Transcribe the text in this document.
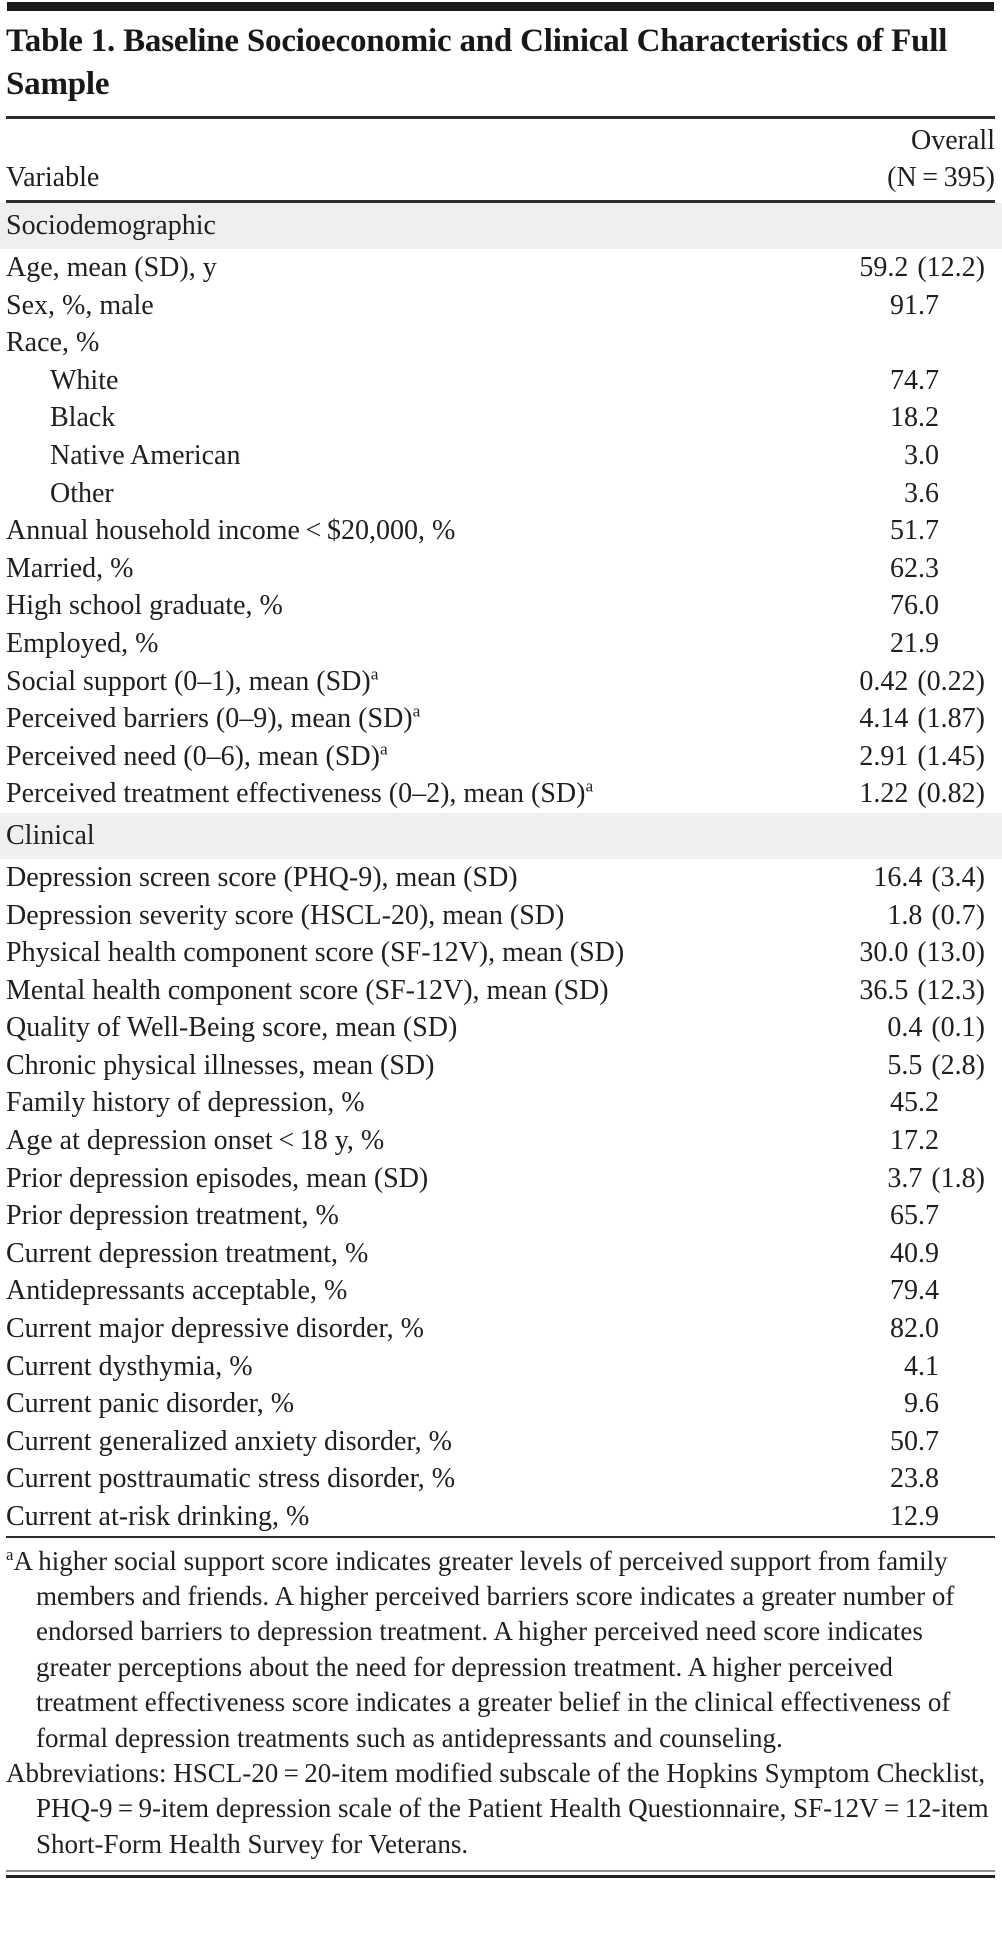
Table 1. Baseline Socioeconomic and Clinical Characteristics of Full Sample
Variable
Overall
(N = 395)
Sociodemographic
Age, mean (SD), y	59.2 (12.2)
Sex, %, male	91.7
Race, %
White	74.7
Black	18.2
Native American	3.0
Other	3.6
Annual household income < $20,000, %	51.7
Married, %	62.3
High school graduate, %	76.0
Employed, %	21.9
Social support (0–1), mean (SD)$^a$	0.42 (0.22)
Perceived barriers (0–9), mean (SD)$^a$	4.14 (1.87)
Perceived need (0–6), mean (SD)$^a$	2.91 (1.45)
Perceived treatment effectiveness (0–2), mean (SD)$^a$	1.22 (0.82)
Clinical
Depression screen score (PHQ-9), mean (SD)	16.4 (3.4)
Depression severity score (HSCL-20), mean (SD)	1.8 (0.7)
Physical health component score (SF-12V), mean (SD)	30.0 (13.0)
Mental health component score (SF-12V), mean (SD)	36.5 (12.3)
Quality of Well-Being score, mean (SD)	0.4 (0.1)
Chronic physical illnesses, mean (SD)	5.5 (2.8)
Family history of depression, %	45.2
Age at depression onset < 18 y, %	17.2
Prior depression episodes, mean (SD)	3.7 (1.8)
Prior depression treatment, %	65.7
Current depression treatment, %	40.9
Antidepressants acceptable, %	79.4
Current major depressive disorder, %	82.0
Current dysthymia, %	4.1
Current panic disorder, %	9.6
Current generalized anxiety disorder, %	50.7
Current posttraumatic stress disorder, %	23.8
Current at-risk drinking, %	12.9
$^a$A higher social support score indicates greater levels of perceived support from family members and friends. A higher perceived barriers score indicates a greater number of endorsed barriers to depression treatment. A higher perceived need score indicates greater perceptions about the need for depression treatment. A higher perceived treatment effectiveness score indicates a greater belief in the clinical effectiveness of formal depression treatments such as antidepressants and counseling.
Abbreviations: HSCL-20 = 20-item modified subscale of the Hopkins Symptom Checklist, PHQ-9 = 9-item depression scale of the Patient Health Questionnaire, SF-12V = 12-item Short-Form Health Survey for Veterans.
